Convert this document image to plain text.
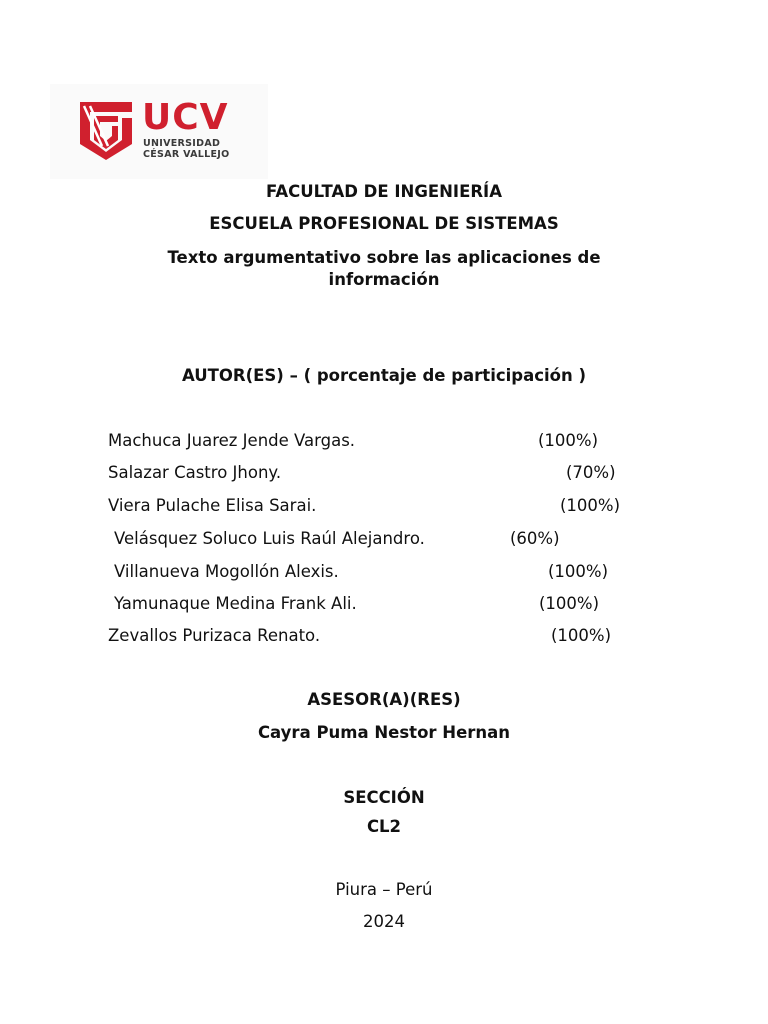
UCV
UNIVERSIDAD
CÉSAR VALLEJO
FACULTAD DE INGENIERÍA
ESCUELA PROFESIONAL DE SISTEMAS
Texto argumentativo sobre las aplicaciones de información
AUTOR(ES) – ( porcentaje de participación )
Machuca Juarez Jende Vargas.	(100%)
Salazar Castro Jhony.	(70%)
Viera Pulache Elisa Sarai.	(100%)
Velásquez Soluco Luis Raúl Alejandro.	(60%)
Villanueva Mogollón Alexis.	(100%)
Yamunaque Medina Frank Ali.	(100%)
Zevallos Purizaca Renato.	(100%)
ASESOR(A)(RES)
Cayra Puma Nestor Hernan
SECCIÓN
CL2
Piura – Perú
2024
